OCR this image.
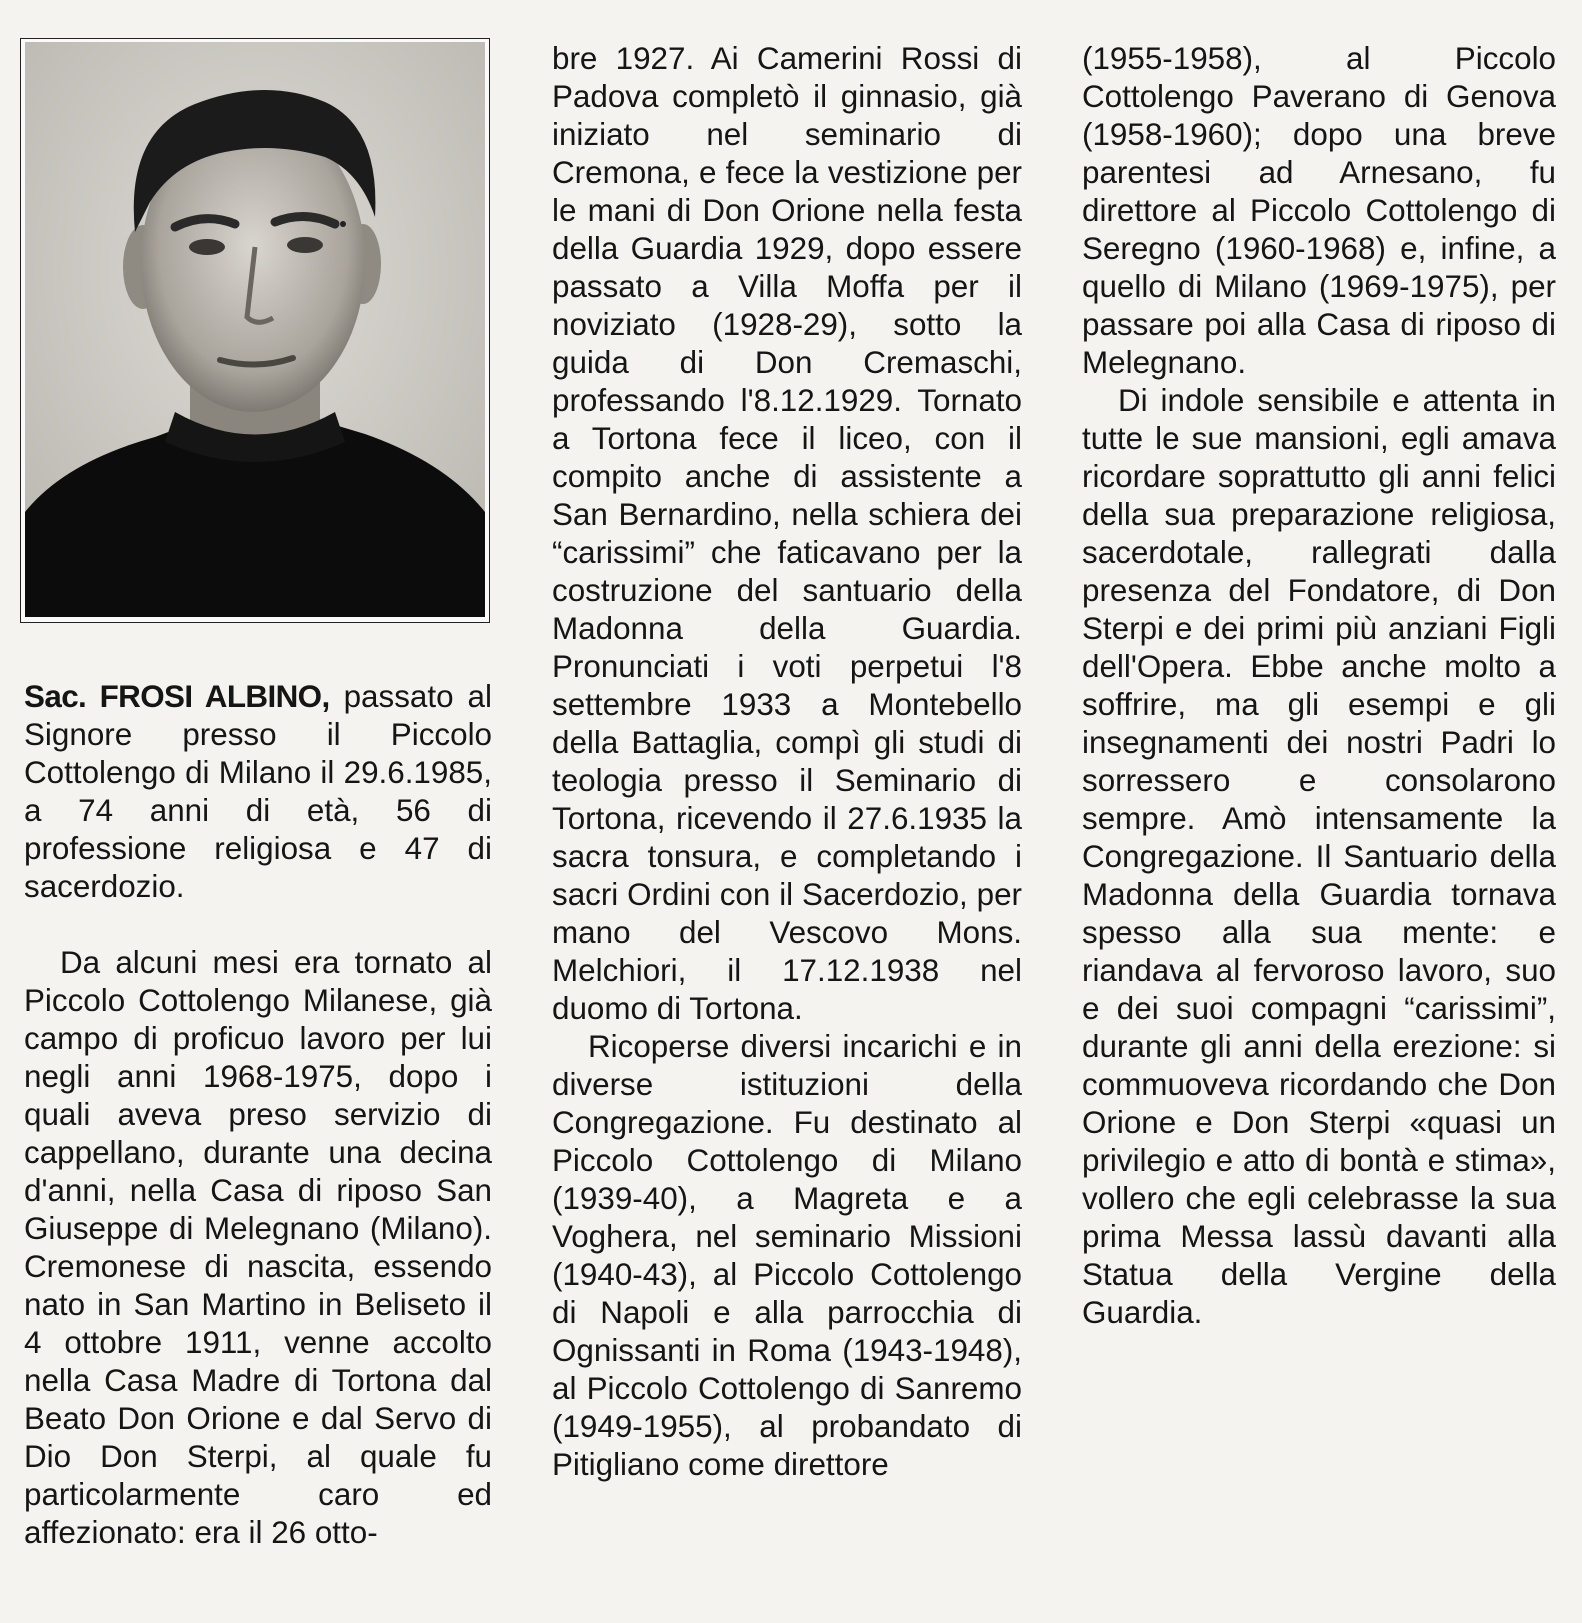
Sac. FROSI ALBINO, passato al Signore presso il Piccolo Cottolengo di Milano il 29.6.1985, a 74 anni di età, 56 di professione religiosa e 47 di sacerdozio.

Da alcuni mesi era tornato al Piccolo Cottolengo Milanese, già campo di proficuo lavoro per lui negli anni 1968-1975, dopo i quali aveva preso servizio di cappellano, durante una decina d'anni, nella Casa di riposo San Giuseppe di Melegnano (Milano). Cremonese di nascita, essendo nato in San Martino in Beliseto il 4 ottobre 1911, venne accolto nella Casa Madre di Tortona dal Beato Don Orione e dal Servo di Dio Don Sterpi, al quale fu particolarmente caro ed affezionato: era il 26 otto-

bre 1927. Ai Camerini Rossi di Padova completò il ginnasio, già iniziato nel seminario di Cremona, e fece la vestizione per le mani di Don Orione nella festa della Guardia 1929, dopo essere passato a Villa Moffa per il noviziato (1928-29), sotto la guida di Don Cremaschi, professando l'8.12.1929. Tornato a Tortona fece il liceo, con il compito anche di assistente a San Bernardino, nella schiera dei “carissimi” che faticavano per la costruzione del santuario della Madonna della Guardia. Pronunciati i voti perpetui l'8 settembre 1933 a Montebello della Battaglia, compì gli studi di teologia presso il Seminario di Tortona, ricevendo il 27.6.1935 la sacra tonsura, e completando i sacri Ordini con il Sacerdozio, per mano del Vescovo Mons. Melchiori, il 17.12.1938 nel duomo di Tortona.

Ricoperse diversi incarichi e in diverse istituzioni della Congregazione. Fu destinato al Piccolo Cottolengo di Milano (1939-40), a Magreta e a Voghera, nel seminario Missioni (1940-43), al Piccolo Cottolengo di Napoli e alla parrocchia di Ognissanti in Roma (1943-1948), al Piccolo Cottolengo di Sanremo (1949-1955), al probandato di Pitigliano come direttore

(1955-1958), al Piccolo Cottolengo Paverano di Genova (1958-1960); dopo una breve parentesi ad Arnesano, fu direttore al Piccolo Cottolengo di Seregno (1960-1968) e, infine, a quello di Milano (1969-1975), per passare poi alla Casa di riposo di Melegnano.

Di indole sensibile e attenta in tutte le sue mansioni, egli amava ricordare soprattutto gli anni felici della sua preparazione religiosa, sacerdotale, rallegrati dalla presenza del Fondatore, di Don Sterpi e dei primi più anziani Figli dell'Opera. Ebbe anche molto a soffrire, ma gli esempi e gli insegnamenti dei nostri Padri lo sorressero e consolarono sempre. Amò intensamente la Congregazione. Il Santuario della Madonna della Guardia tornava spesso alla sua mente: e riandava al fervoroso lavoro, suo e dei suoi compagni “carissimi”, durante gli anni della erezione: si commuoveva ricordando che Don Orione e Don Sterpi «quasi un privilegio e atto di bontà e stima», vollero che egli celebrasse la sua prima Messa lassù davanti alla Statua della Vergine della Guardia.
